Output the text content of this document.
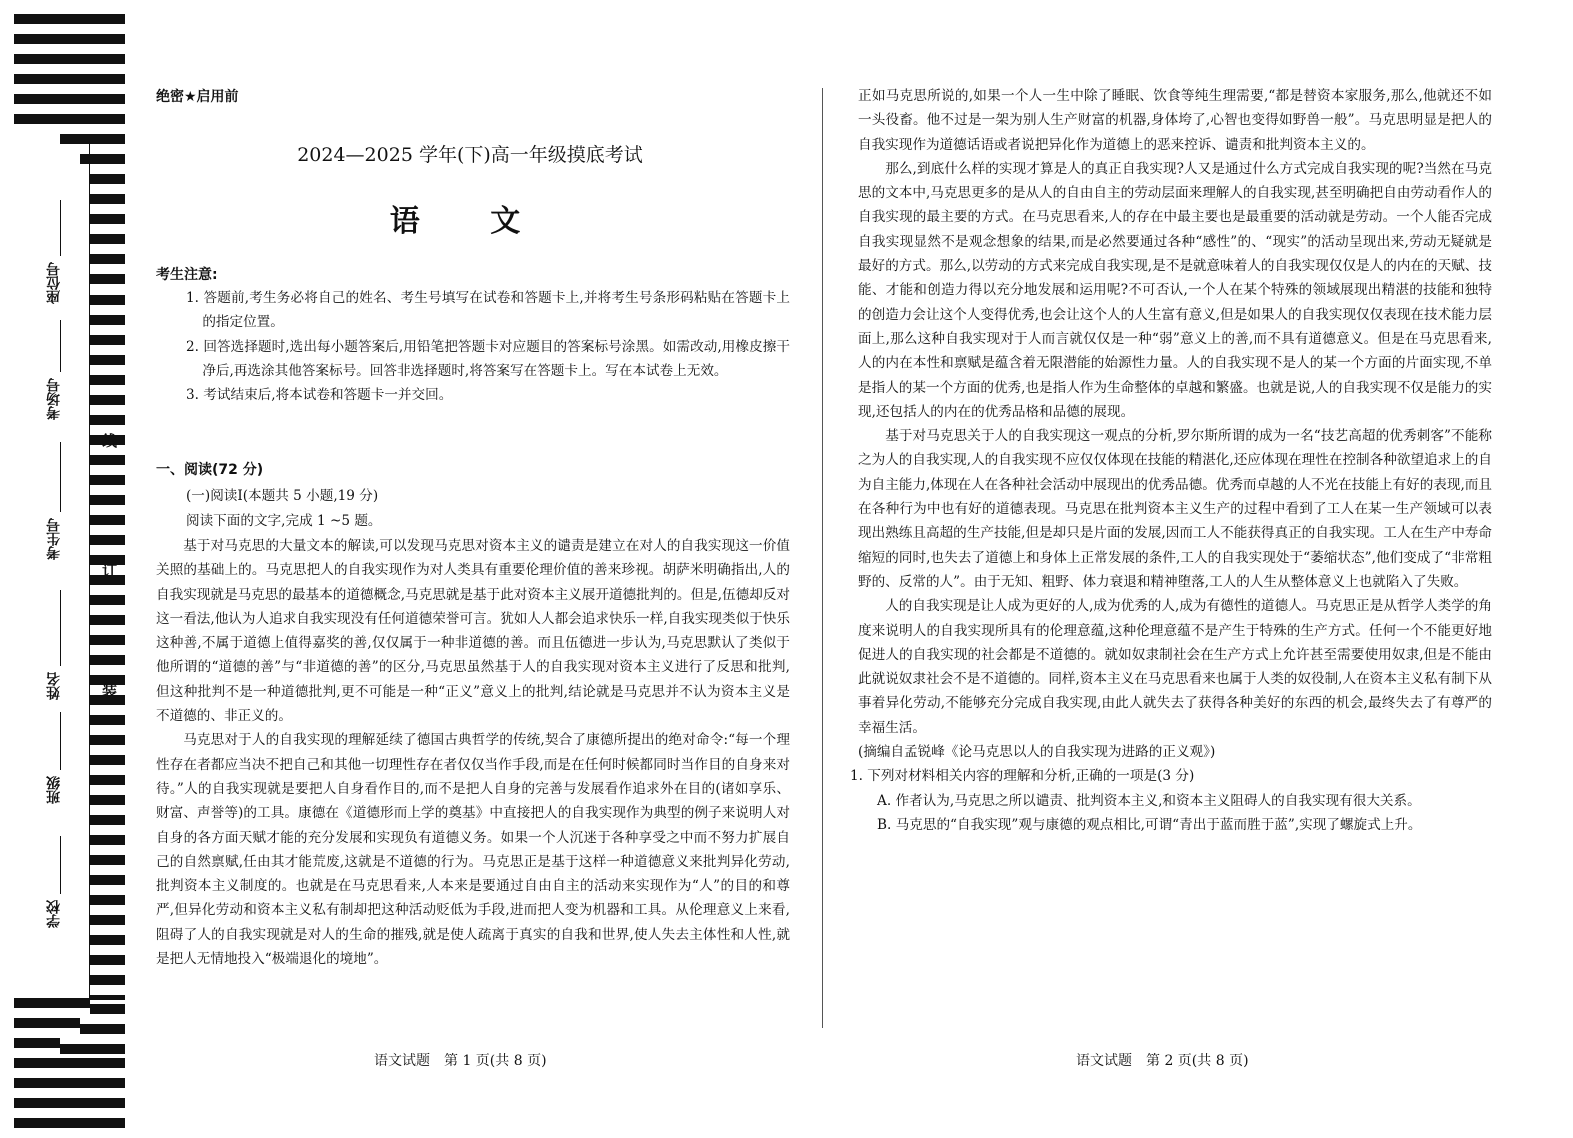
座位号
考场号
考生号
姓名
班级
学校
线
订
装
绝密★启用前
2024—2025 学年(下)高一年级摸底考试
语 文
考生注意:
1. 答题前,考生务必将自己的姓名、考生号填写在试卷和答题卡上,并将考生号条形码粘贴在答题卡上的指定位置。
2. 回答选择题时,选出每小题答案后,用铅笔把答题卡对应题目的答案标号涂黑。如需改动,用橡皮擦干净后,再选涂其他答案标号。回答非选择题时,将答案写在答题卡上。写在本试卷上无效。
3. 考试结束后,将本试卷和答题卡一并交回。
一、阅读(72 分)
(一)阅读Ⅰ(本题共 5 小题,19 分)
阅读下面的文字,完成 1 ~5 题。

基于对马克思的大量文本的解读,可以发现马克思对资本主义的谴责是建立在对人的自我实现这一价值关照的基础上的。马克思把人的自我实现作为对人类具有重要伦理价值的善来珍视。胡萨米明确指出,人的自我实现就是马克思的最基本的道德概念,马克思就是基于此对资本主义展开道德批判的。但是,伍德却反对这一看法,他认为人追求自我实现没有任何道德荣誉可言。犹如人人都会追求快乐一样,自我实现类似于快乐这种善,不属于道德上值得嘉奖的善,仅仅属于一种非道德的善。而且伍德进一步认为,马克思默认了类似于他所谓的“道德的善”与“非道德的善”的区分,马克思虽然基于人的自我实现对资本主义进行了反思和批判,但这种批判不是一种道德批判,更不可能是一种“正义”意义上的批判,结论就是马克思并不认为资本主义是不道德的、非正义的。

马克思对于人的自我实现的理解延续了德国古典哲学的传统,契合了康德所提出的绝对命令:“每一个理性存在者都应当决不把自己和其他一切理性存在者仅仅当作手段,而是在任何时候都同时当作目的自身来对待。”人的自我实现就是要把人自身看作目的,而不是把人自身的完善与发展看作追求外在目的(诸如享乐、财富、声誉等)的工具。康德在《道德形而上学的奠基》中直接把人的自我实现作为典型的例子来说明人对自身的各方面天赋才能的充分发展和实现负有道德义务。如果一个人沉迷于各种享受之中而不努力扩展自己的自然禀赋,任由其才能荒废,这就是不道德的行为。马克思正是基于这样一种道德意义来批判异化劳动,批判资本主义制度的。也就是在马克思看来,人本来是要通过自由自主的活动来实现作为“人”的目的和尊严,但异化劳动和资本主义私有制却把这种活动贬低为手段,进而把人变为机器和工具。从伦理意义上来看,阻碍了人的自我实现就是对人的生命的摧残,就是使人疏离于真实的自我和世界,使人失去主体性和人性,就是把人无情地投入“极端退化的境地”。

正如马克思所说的,如果一个人一生中除了睡眠、饮食等纯生理需要,“都是替资本家服务,那么,他就还不如一头役畜。他不过是一架为别人生产财富的机器,身体垮了,心智也变得如野兽一般”。马克思明显是把人的自我实现作为道德话语或者说把异化作为道德上的恶来控诉、谴责和批判资本主义的。

那么,到底什么样的实现才算是人的真正自我实现?人又是通过什么方式完成自我实现的呢?当然在马克思的文本中,马克思更多的是从人的自由自主的劳动层面来理解人的自我实现,甚至明确把自由劳动看作人的自我实现的最主要的方式。在马克思看来,人的存在中最主要也是最重要的活动就是劳动。一个人能否完成自我实现显然不是观念想象的结果,而是必然要通过各种“感性”的、“现实”的活动呈现出来,劳动无疑就是最好的方式。那么,以劳动的方式来完成自我实现,是不是就意味着人的自我实现仅仅是人的内在的天赋、技能、才能和创造力得以充分地发展和运用呢?不可否认,一个人在某个特殊的领域展现出精湛的技能和独特的创造力会让这个人变得优秀,也会让这个人的人生富有意义,但是如果人的自我实现仅仅表现在技术能力层面上,那么这种自我实现对于人而言就仅仅是一种“弱”意义上的善,而不具有道德意义。但是在马克思看来,人的内在本性和禀赋是蕴含着无限潜能的始源性力量。人的自我实现不是人的某一个方面的片面实现,不单是指人的某一个方面的优秀,也是指人作为生命整体的卓越和繁盛。也就是说,人的自我实现不仅是能力的实现,还包括人的内在的优秀品格和品德的展现。

基于对马克思关于人的自我实现这一观点的分析,罗尔斯所谓的成为一名“技艺高超的优秀刺客”不能称之为人的自我实现,人的自我实现不应仅仅体现在技能的精湛化,还应体现在理性在控制各种欲望追求上的自为自主能力,体现在人在各种社会活动中展现出的优秀品德。优秀而卓越的人不光在技能上有好的表现,而且在各种行为中也有好的道德表现。马克思在批判资本主义生产的过程中看到了工人在某一生产领域可以表现出熟练且高超的生产技能,但是却只是片面的发展,因而工人不能获得真正的自我实现。工人在生产中寿命缩短的同时,也失去了道德上和身体上正常发展的条件,工人的自我实现处于“萎缩状态”,他们变成了“非常粗野的、反常的人”。由于无知、粗野、体力衰退和精神堕落,工人的人生从整体意义上也就陷入了失败。

人的自我实现是让人成为更好的人,成为优秀的人,成为有德性的道德人。马克思正是从哲学人类学的角度来说明人的自我实现所具有的伦理意蕴,这种伦理意蕴不是产生于特殊的生产方式。任何一个不能更好地促进人的自我实现的社会都是不道德的。就如奴隶制社会在生产方式上允许甚至需要使用奴隶,但是不能由此就说奴隶社会不是不道德的。同样,资本主义在马克思看来也属于人类的奴役制,人在资本主义私有制下从事着异化劳动,不能够充分完成自我实现,由此人就失去了获得各种美好的东西的机会,最终失去了有尊严的幸福生活。

(摘编自孟锐峰《论马克思以人的自我实现为进路的正义观》)

1. 下列对材料相关内容的理解和分析,正确的一项是(3 分)

A. 作者认为,马克思之所以谴责、批判资本主义,和资本主义阻碍人的自我实现有很大关系。

B. 马克思的“自我实现”观与康德的观点相比,可谓“青出于蓝而胜于蓝”,实现了螺旋式上升。

语文试题　第 1 页(共 8 页)	语文试题　第 2 页(共 8 页)
